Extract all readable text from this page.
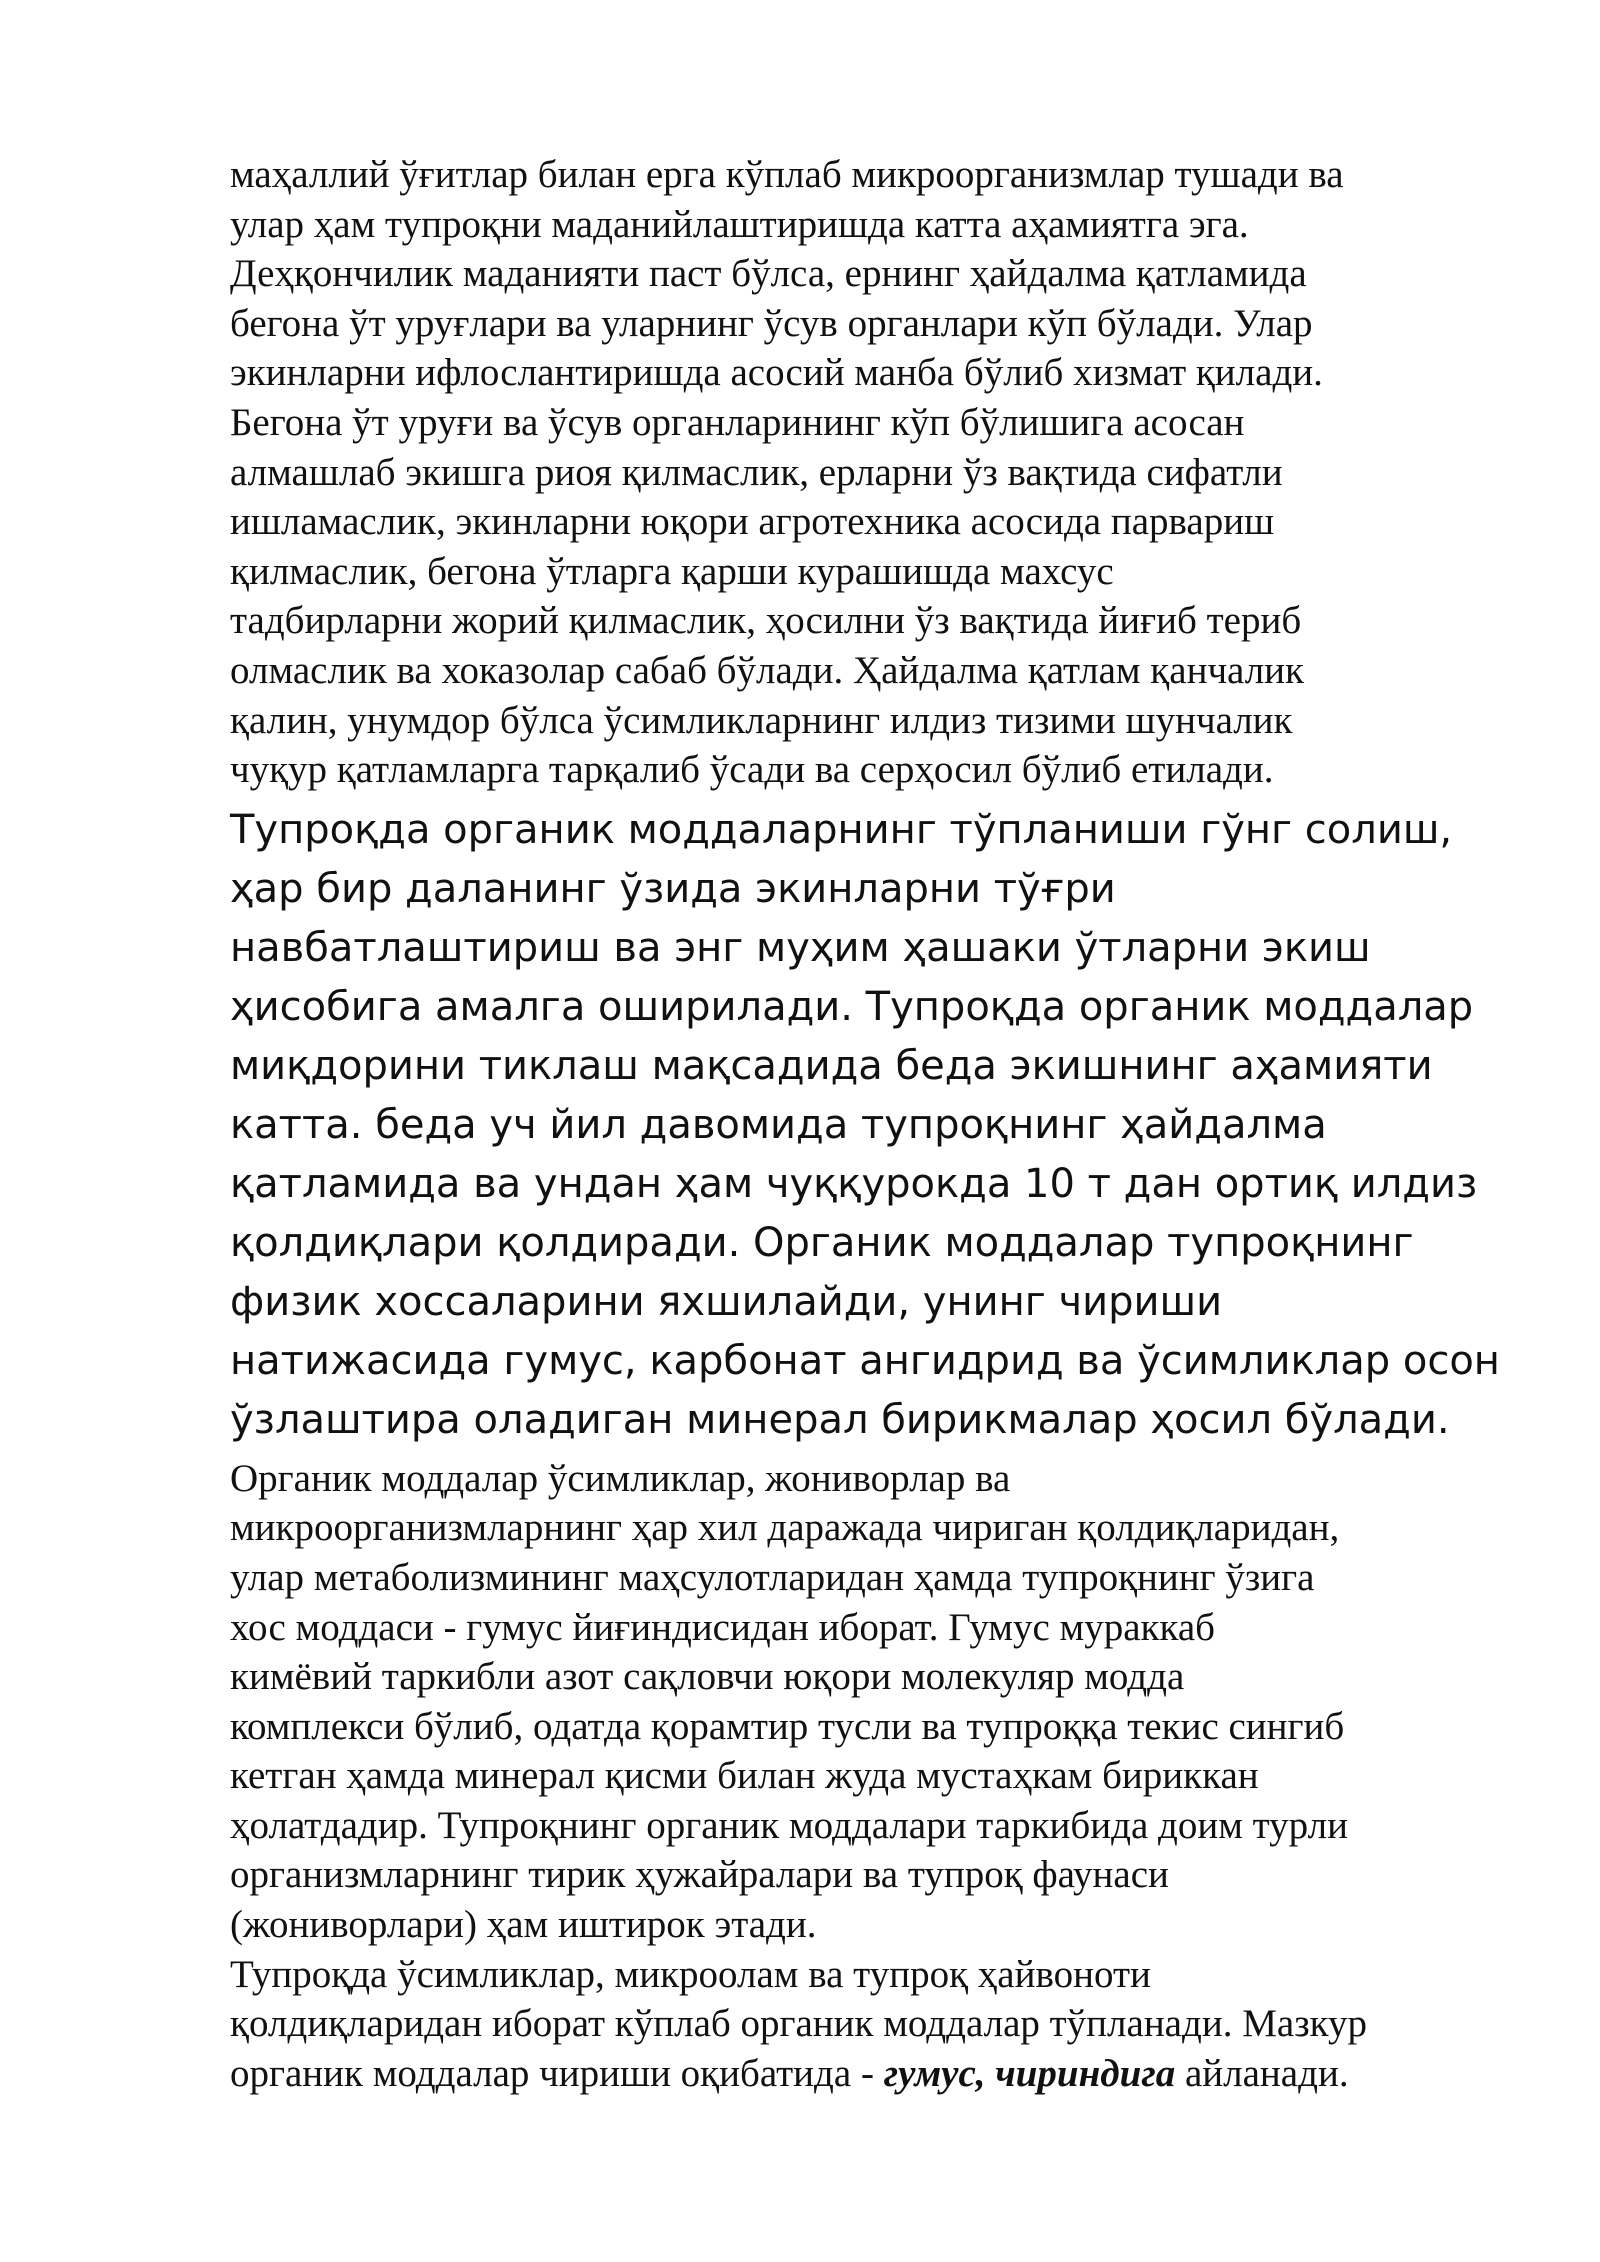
маҳаллий ўғитлар билан ерга кўплаб микроорганизмлар тушади ва
улар ҳам тупроқни маданийлаштиришда катта аҳамиятга эга.
Деҳқончилик маданияти паст бўлса, ернинг ҳайдалма қатламида
бегона ўт уруғлари ва уларнинг ўсув органлари кўп бўлади. Улар
экинларни ифлослантиришда асосий манба бўлиб хизмат қилади.
Бегона ўт уруғи ва ўсув органларининг кўп бўлишига асосан
алмашлаб экишга риоя қилмаслик, ерларни ўз вақтида сифатли
ишламаслик, экинларни юқори агротехника асосида парвариш
қилмаслик, бегона ўтларга қарши курашишда махсус
тадбирларни жорий қилмаслик, ҳосилни ўз вақтида йиғиб териб
олмаслик ва хоказолар сабаб бўлади. Ҳайдалма қатлам қанчалик
қалин, унумдор бўлса ўсимликларнинг илдиз тизими шунчалик
чуқур қатламларга тарқалиб ўсади ва серҳосил бўлиб етилади.

Тупроқда органик моддаларнинг тўпланиши гўнг солиш,
ҳар бир даланинг ўзида экинларни тўғри
навбатлаштириш ва энг муҳим ҳашаки ўтларни экиш
ҳисобига амалга оширилади. Тупроқда органик моддалар
миқдорини тиклаш мақсадида беда экишнинг аҳамияти
катта. беда уч йил давомида тупроқнинг ҳайдалма
қатламида ва ундан ҳам чуққурокда 10 т дан ортиқ илдиз
қолдиқлари қолдиради. Органик моддалар тупроқнинг
физик хоссаларини яхшилайди, унинг чириши
натижасида гумус, карбонат ангидрид ва ўсимликлар осон
ўзлаштира оладиган минерал бирикмалар ҳосил бўлади.

Органик моддалар ўсимликлар, жониворлар ва
микроорганизмларнинг ҳар хил даражада чириган қолдиқларидан,
улар метаболизмининг маҳсулотларидан ҳамда тупроқнинг ўзига
хос моддаси - гумус йиғиндисидан иборат. Гумус мураккаб
кимёвий таркибли азот сақловчи юқори молекуляр модда
комплекси бўлиб, одатда қорамтир тусли ва тупроққа текис сингиб
кетган ҳамда минерал қисми билан жуда мустаҳкам бириккан
ҳолатдадир. Тупроқнинг органик моддалари таркибида доим турли
организмларнинг тирик ҳужайралари ва тупроқ фаунаси
(жониворлари) ҳам иштирок этади.

Тупроқда ўсимликлар, микроолам ва тупроқ ҳайвоноти
қолдиқларидан иборат кўплаб органик моддалар тўпланади. Мазкур
органик моддалар чириши оқибатида - гумус, чириндига айланади.
